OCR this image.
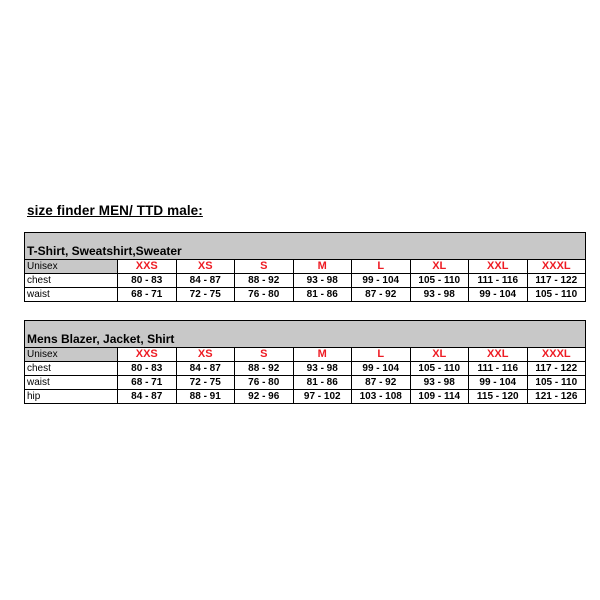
size finder MEN/ TTD male:
T-Shirt, Sweatshirt,Sweater								
Unisex	XXS	XS	S	M	L	XL	XXL	XXXL
chest	80 - 83	84 - 87	88 - 92	93 - 98	99 - 104	105 - 110	111 - 116	117 - 122
waist	68 - 71	72 - 75	76 - 80	81 - 86	87 - 92	93 - 98	99 - 104	105 - 110
Mens Blazer, Jacket, Shirt								
Unisex	XXS	XS	S	M	L	XL	XXL	XXXL
chest	80 - 83	84 - 87	88 - 92	93 - 98	99 - 104	105 - 110	111 - 116	117 - 122
waist	68 - 71	72 - 75	76 - 80	81 - 86	87 - 92	93 - 98	99 - 104	105 - 110
hip	84 - 87	88 - 91	92 - 96	97 - 102	103 - 108	109 - 114	115 - 120	121 - 126
